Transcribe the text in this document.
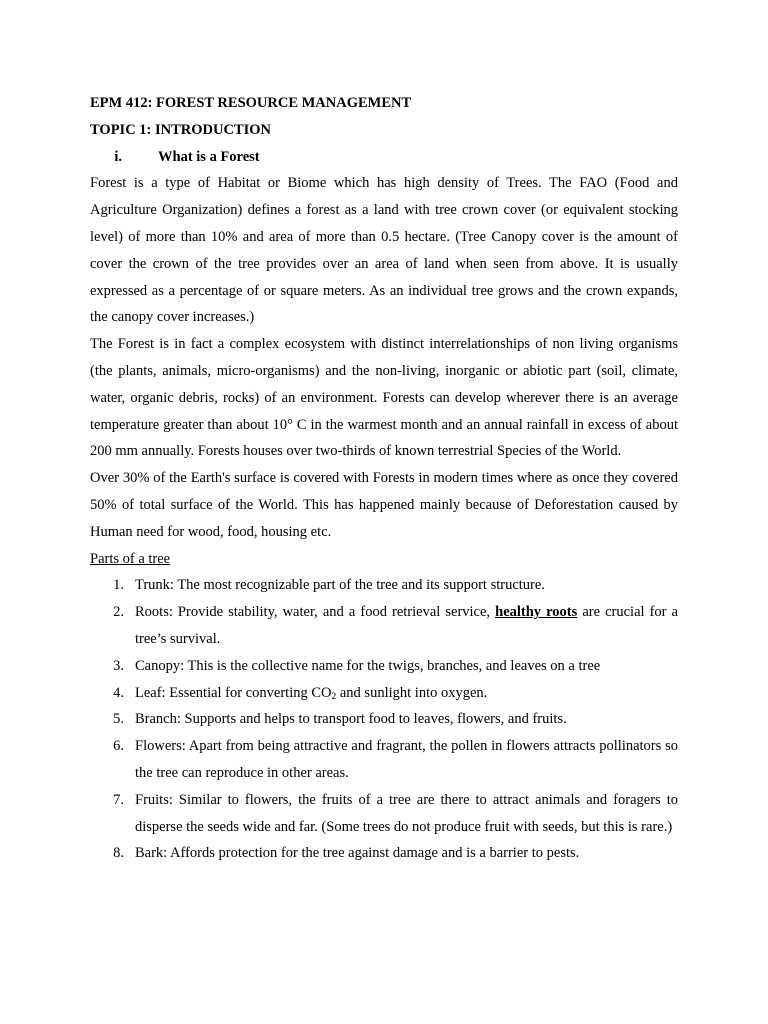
EPM 412: FOREST RESOURCE MANAGEMENT

TOPIC 1: INTRODUCTION

i.	What is a Forest

Forest is a type of Habitat or Biome which has high density of Trees. The FAO (Food and Agriculture Organization) defines a forest as a land with tree crown cover (or equivalent stocking level) of more than 10% and area of more than 0.5 hectare. (Tree Canopy cover is the amount of cover the crown of the tree provides over an area of land when seen from above. It is usually expressed as a percentage of or square meters. As an individual tree grows and the crown expands, the canopy cover increases.)

The Forest is in fact a complex ecosystem with distinct interrelationships of non living organisms (the plants, animals, micro-organisms) and the non-living, inorganic or abiotic part (soil, climate, water, organic debris, rocks) of an environment. Forests can develop wherever there is an average temperature greater than about 10° C in the warmest month and an annual rainfall in excess of about 200 mm annually. Forests houses over two-thirds of known terrestrial Species of the World.

Over 30% of the Earth's surface is covered with Forests in modern times where as once they covered 50% of total surface of the World. This has happened mainly because of Deforestation caused by Human need for wood, food, housing etc.

Parts of a tree

1. Trunk: The most recognizable part of the tree and its support structure.
2. Roots: Provide stability, water, and a food retrieval service, healthy roots are crucial for a tree’s survival.
3. Canopy: This is the collective name for the twigs, branches, and leaves on a tree
4. Leaf: Essential for converting $CO_2$ and sunlight into oxygen.
5. Branch: Supports and helps to transport food to leaves, flowers, and fruits.
6. Flowers: Apart from being attractive and fragrant, the pollen in flowers attracts pollinators so the tree can reproduce in other areas.
7. Fruits: Similar to flowers, the fruits of a tree are there to attract animals and foragers to disperse the seeds wide and far. (Some trees do not produce fruit with seeds, but this is rare.)
8. Bark: Affords protection for the tree against damage and is a barrier to pests.
